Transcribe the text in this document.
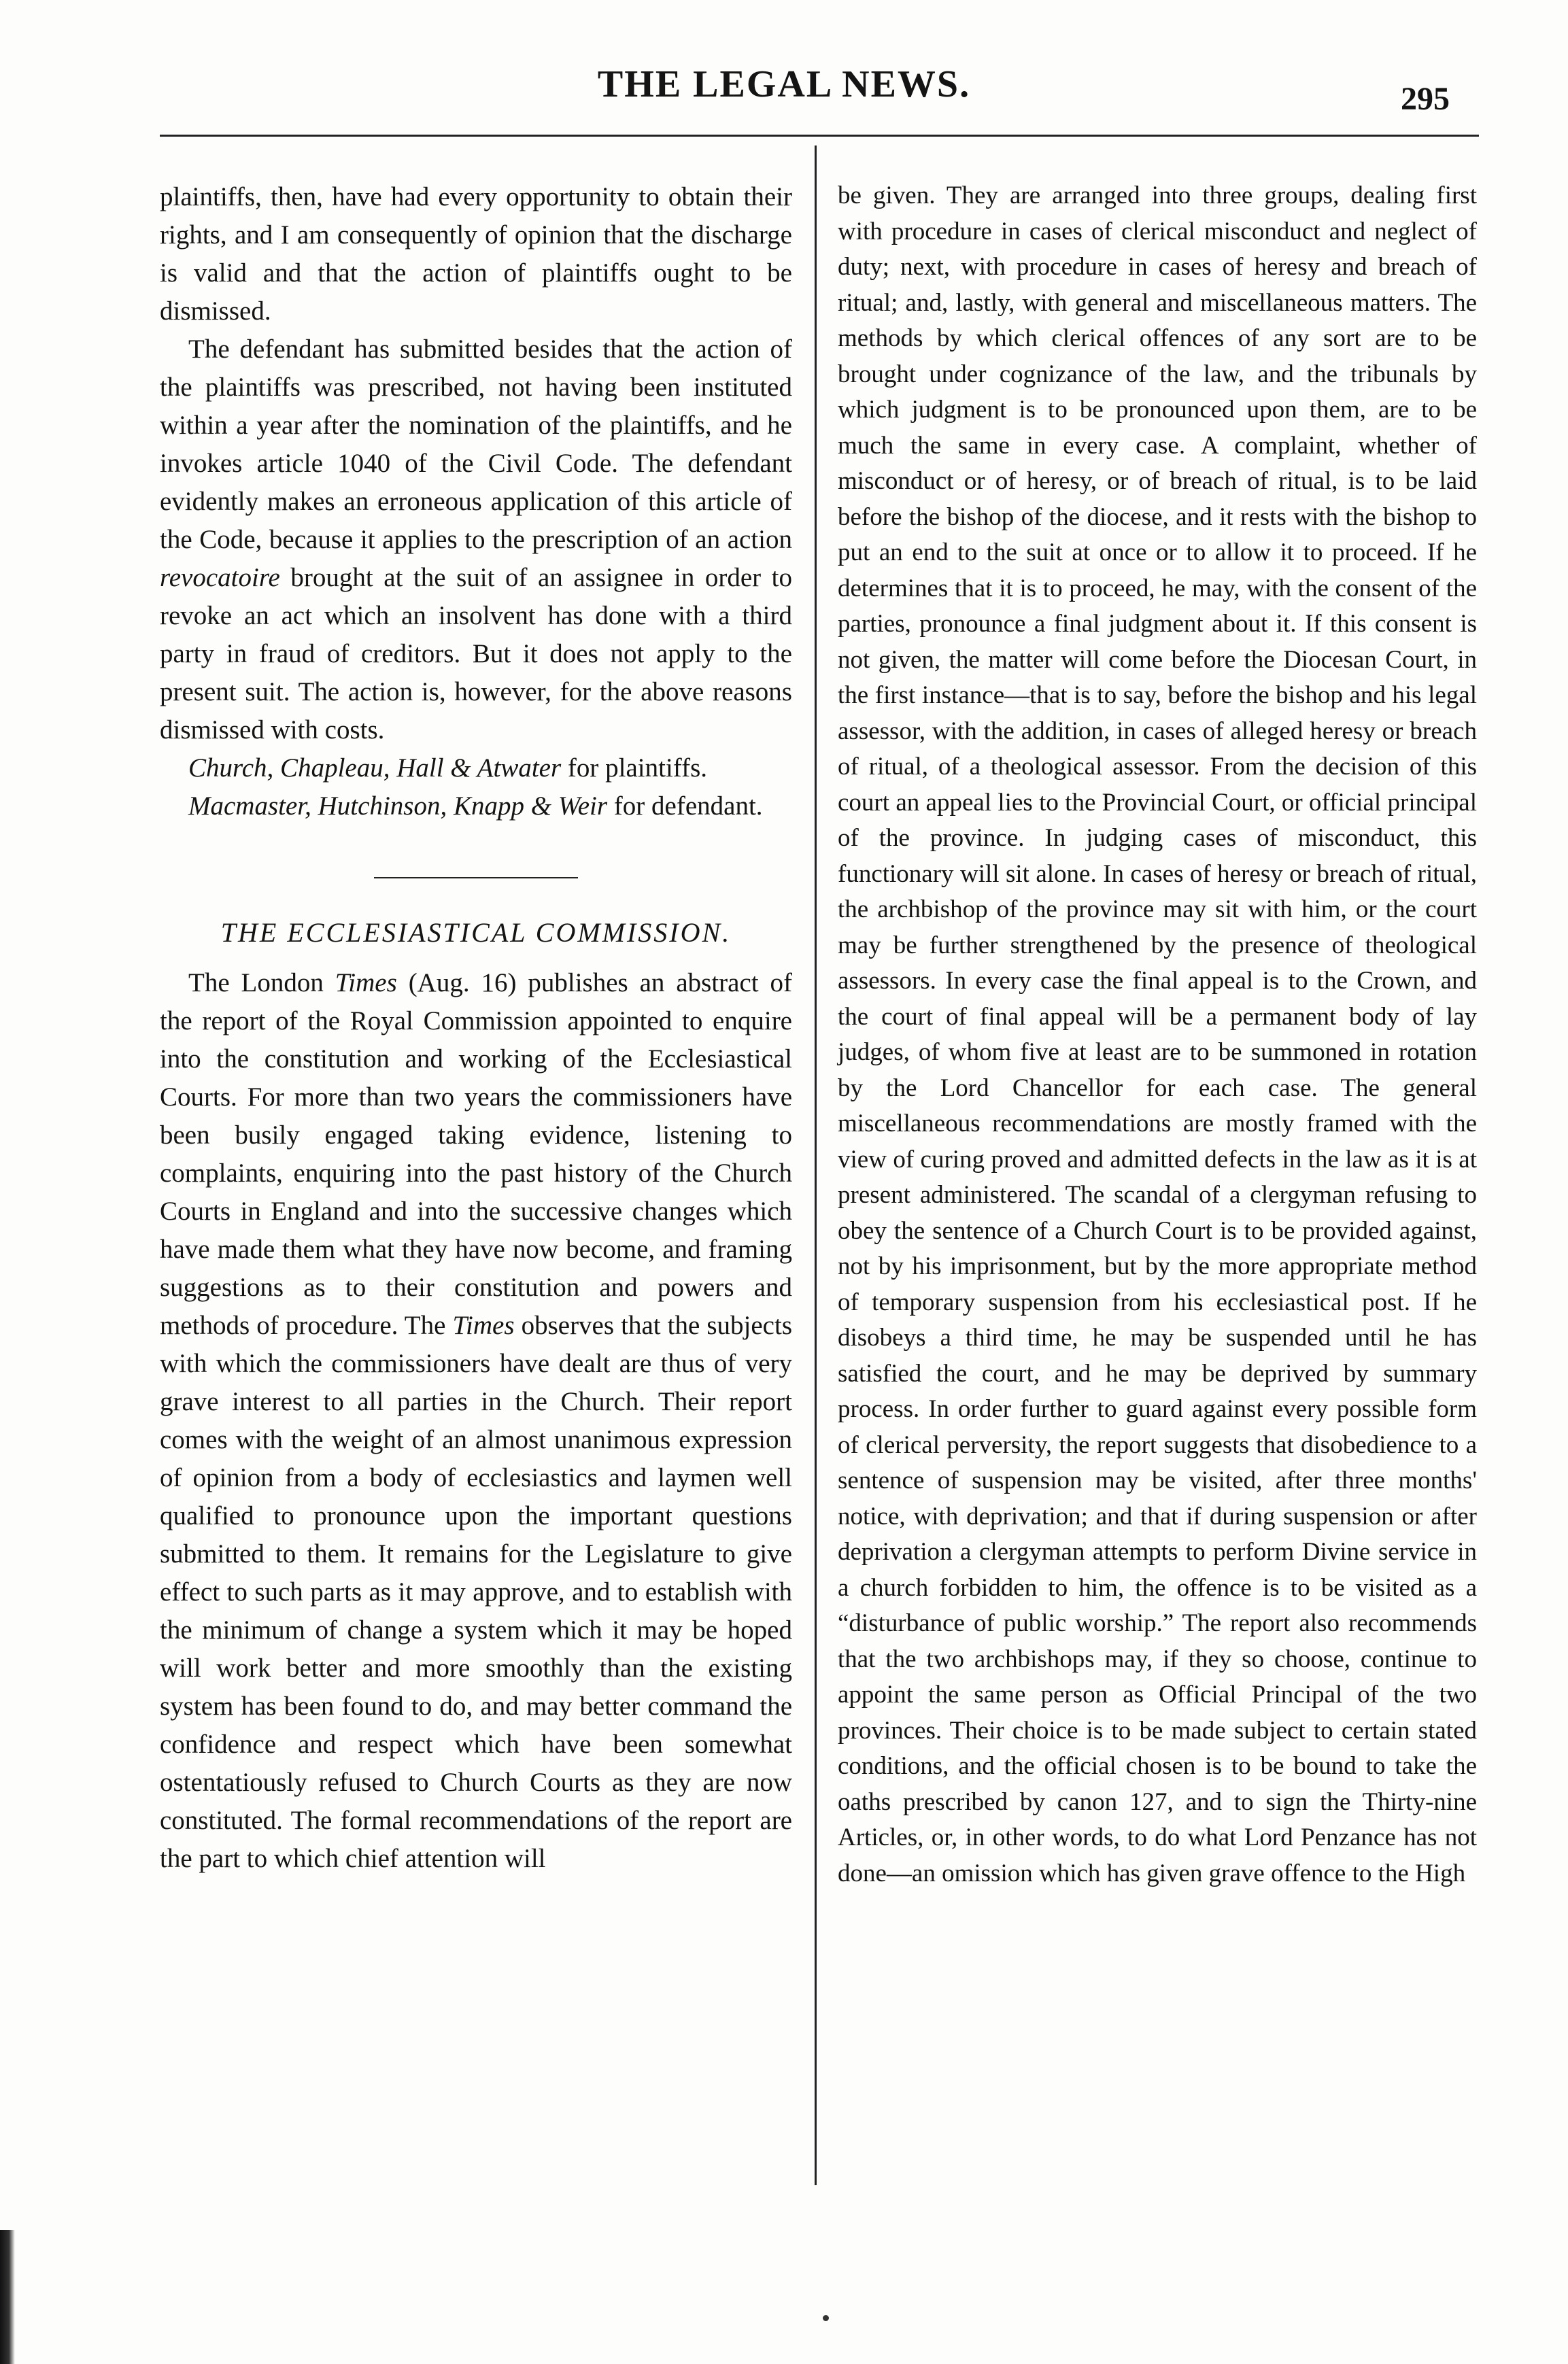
THE LEGAL NEWS.	295

plaintiffs, then, have had every opportunity to obtain their rights, and I am consequently of opinion that the discharge is valid and that the action of plaintiffs ought to be dismissed.

The defendant has submitted besides that the action of the plaintiffs was prescribed, not having been instituted within a year after the nomination of the plaintiffs, and he invokes article 1040 of the Civil Code. The defendant evidently makes an erroneous application of this article of the Code, because it applies to the prescription of an action revocatoire brought at the suit of an assignee in order to revoke an act which an insolvent has done with a third party in fraud of creditors. But it does not apply to the present suit. The action is, however, for the above reasons dismissed with costs.

Church, Chapleau, Hall & Atwater for plaintiffs.

Macmaster, Hutchinson, Knapp & Weir for defendant.

THE ECCLESIASTICAL COMMISSION.

The London Times (Aug. 16) publishes an abstract of the report of the Royal Commission appointed to enquire into the constitution and working of the Ecclesiastical Courts. For more than two years the commissioners have been busily engaged taking evidence, listening to complaints, enquiring into the past history of the Church Courts in England and into the successive changes which have made them what they have now become, and framing suggestions as to their constitution and powers and methods of procedure. The Times observes that the subjects with which the commissioners have dealt are thus of very grave interest to all parties in the Church. Their report comes with the weight of an almost unanimous expression of opinion from a body of ecclesiastics and laymen well qualified to pronounce upon the important questions submitted to them. It remains for the Legislature to give effect to such parts as it may approve, and to establish with the minimum of change a system which it may be hoped will work better and more smoothly than the existing system has been found to do, and may better command the confidence and respect which have been somewhat ostentatiously refused to Church Courts as they are now constituted. The formal recommendations of the report are the part to which chief attention will

be given. They are arranged into three groups, dealing first with procedure in cases of clerical misconduct and neglect of duty; next, with procedure in cases of heresy and breach of ritual; and, lastly, with general and miscellaneous matters. The methods by which clerical offences of any sort are to be brought under cognizance of the law, and the tribunals by which judgment is to be pronounced upon them, are to be much the same in every case. A complaint, whether of misconduct or of heresy, or of breach of ritual, is to be laid before the bishop of the diocese, and it rests with the bishop to put an end to the suit at once or to allow it to proceed. If he determines that it is to proceed, he may, with the consent of the parties, pronounce a final judgment about it. If this consent is not given, the matter will come before the Diocesan Court, in the first instance—that is to say, before the bishop and his legal assessor, with the addition, in cases of alleged heresy or breach of ritual, of a theological assessor. From the decision of this court an appeal lies to the Provincial Court, or official principal of the province. In judging cases of misconduct, this functionary will sit alone. In cases of heresy or breach of ritual, the archbishop of the province may sit with him, or the court may be further strengthened by the presence of theological assessors. In every case the final appeal is to the Crown, and the court of final appeal will be a permanent body of lay judges, of whom five at least are to be summoned in rotation by the Lord Chancellor for each case. The general miscellaneous recommendations are mostly framed with the view of curing proved and admitted defects in the law as it is at present administered. The scandal of a clergyman refusing to obey the sentence of a Church Court is to be provided against, not by his imprisonment, but by the more appropriate method of temporary suspension from his ecclesiastical post. If he disobeys a third time, he may be suspended until he has satisfied the court, and he may be deprived by summary process. In order further to guard against every possible form of clerical perversity, the report suggests that disobedience to a sentence of suspension may be visited, after three months' notice, with deprivation; and that if during suspension or after deprivation a clergyman attempts to perform Divine service in a church forbidden to him, the offence is to be visited as a “disturbance of public worship.” The report also recommends that the two archbishops may, if they so choose, continue to appoint the same person as Official Principal of the two provinces. Their choice is to be made subject to certain stated conditions, and the official chosen is to be bound to take the oaths prescribed by canon 127, and to sign the Thirty-nine Articles, or, in other words, to do what Lord Penzance has not done—an omission which has given grave offence to the High
